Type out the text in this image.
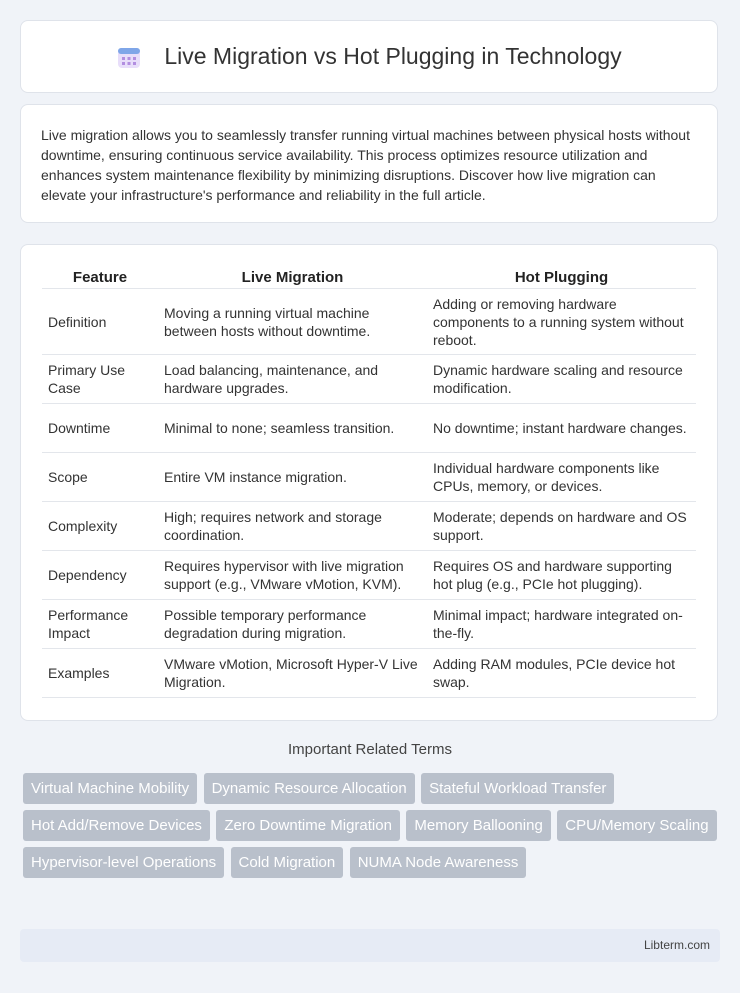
Live Migration vs Hot Plugging in Technology

Live migration allows you to seamlessly transfer running virtual machines between physical hosts without downtime, ensuring continuous service availability. This process optimizes resource utilization and enhances system maintenance flexibility by minimizing disruptions. Discover how live migration can elevate your infrastructure's performance and reliability in the full article.

Feature	Live Migration	Hot Plugging
Definition	Moving a running virtual machine between hosts without downtime.	Adding or removing hardware components to a running system without reboot.
Primary Use Case	Load balancing, maintenance, and hardware upgrades.	Dynamic hardware scaling and resource modification.
Downtime	Minimal to none; seamless transition.	No downtime; instant hardware changes.
Scope	Entire VM instance migration.	Individual hardware components like CPUs, memory, or devices.
Complexity	High; requires network and storage coordination.	Moderate; depends on hardware and OS support.
Dependency	Requires hypervisor with live migration support (e.g., VMware vMotion, KVM).	Requires OS and hardware supporting hot plug (e.g., PCIe hot plugging).
Performance Impact	Possible temporary performance degradation during migration.	Minimal impact; hardware integrated on-the-fly.
Examples	VMware vMotion, Microsoft Hyper-V Live Migration.	Adding RAM modules, PCIe device hot swap.
Important Related Terms
Virtual Machine Mobility Dynamic Resource Allocation Stateful Workload Transfer Hot Add/Remove Devices Zero Downtime Migration Memory Ballooning CPU/Memory Scaling Hypervisor-level Operations Cold Migration NUMA Node Awareness
Libterm.com
